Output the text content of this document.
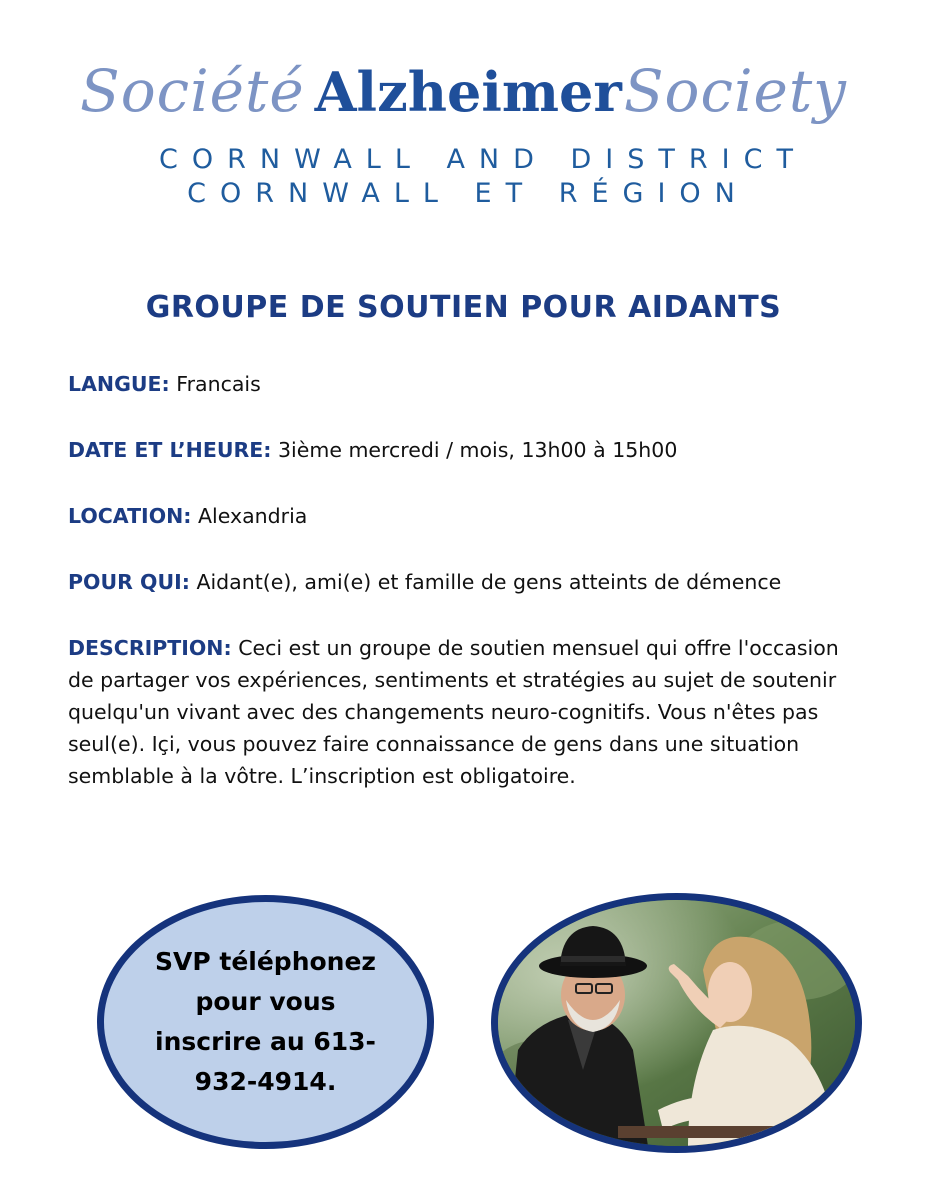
Société AlzheimerSociety
CORNWALL AND DISTRICT
CORNWALL ET RÉGION
GROUPE DE SOUTIEN POUR AIDANTS
LANGUE: Francais
DATE ET L’HEURE: 3ième mercredi / mois, 13h00 à 15h00
LOCATION: Alexandria
POUR QUI: Aidant(e), ami(e) et famille de gens atteints de démence
DESCRIPTION: Ceci est un groupe de soutien mensuel qui offre l'occasion de partager vos expériences, sentiments et stratégies au sujet de soutenir quelqu'un vivant avec des changements neuro-cognitifs. Vous n'êtes pas seul(e). Içi, vous pouvez faire connaissance de gens dans une situation semblable à la vôtre. L’inscription est obligatoire.
SVP téléphonez pour vous inscrire au 613-932-4914.
